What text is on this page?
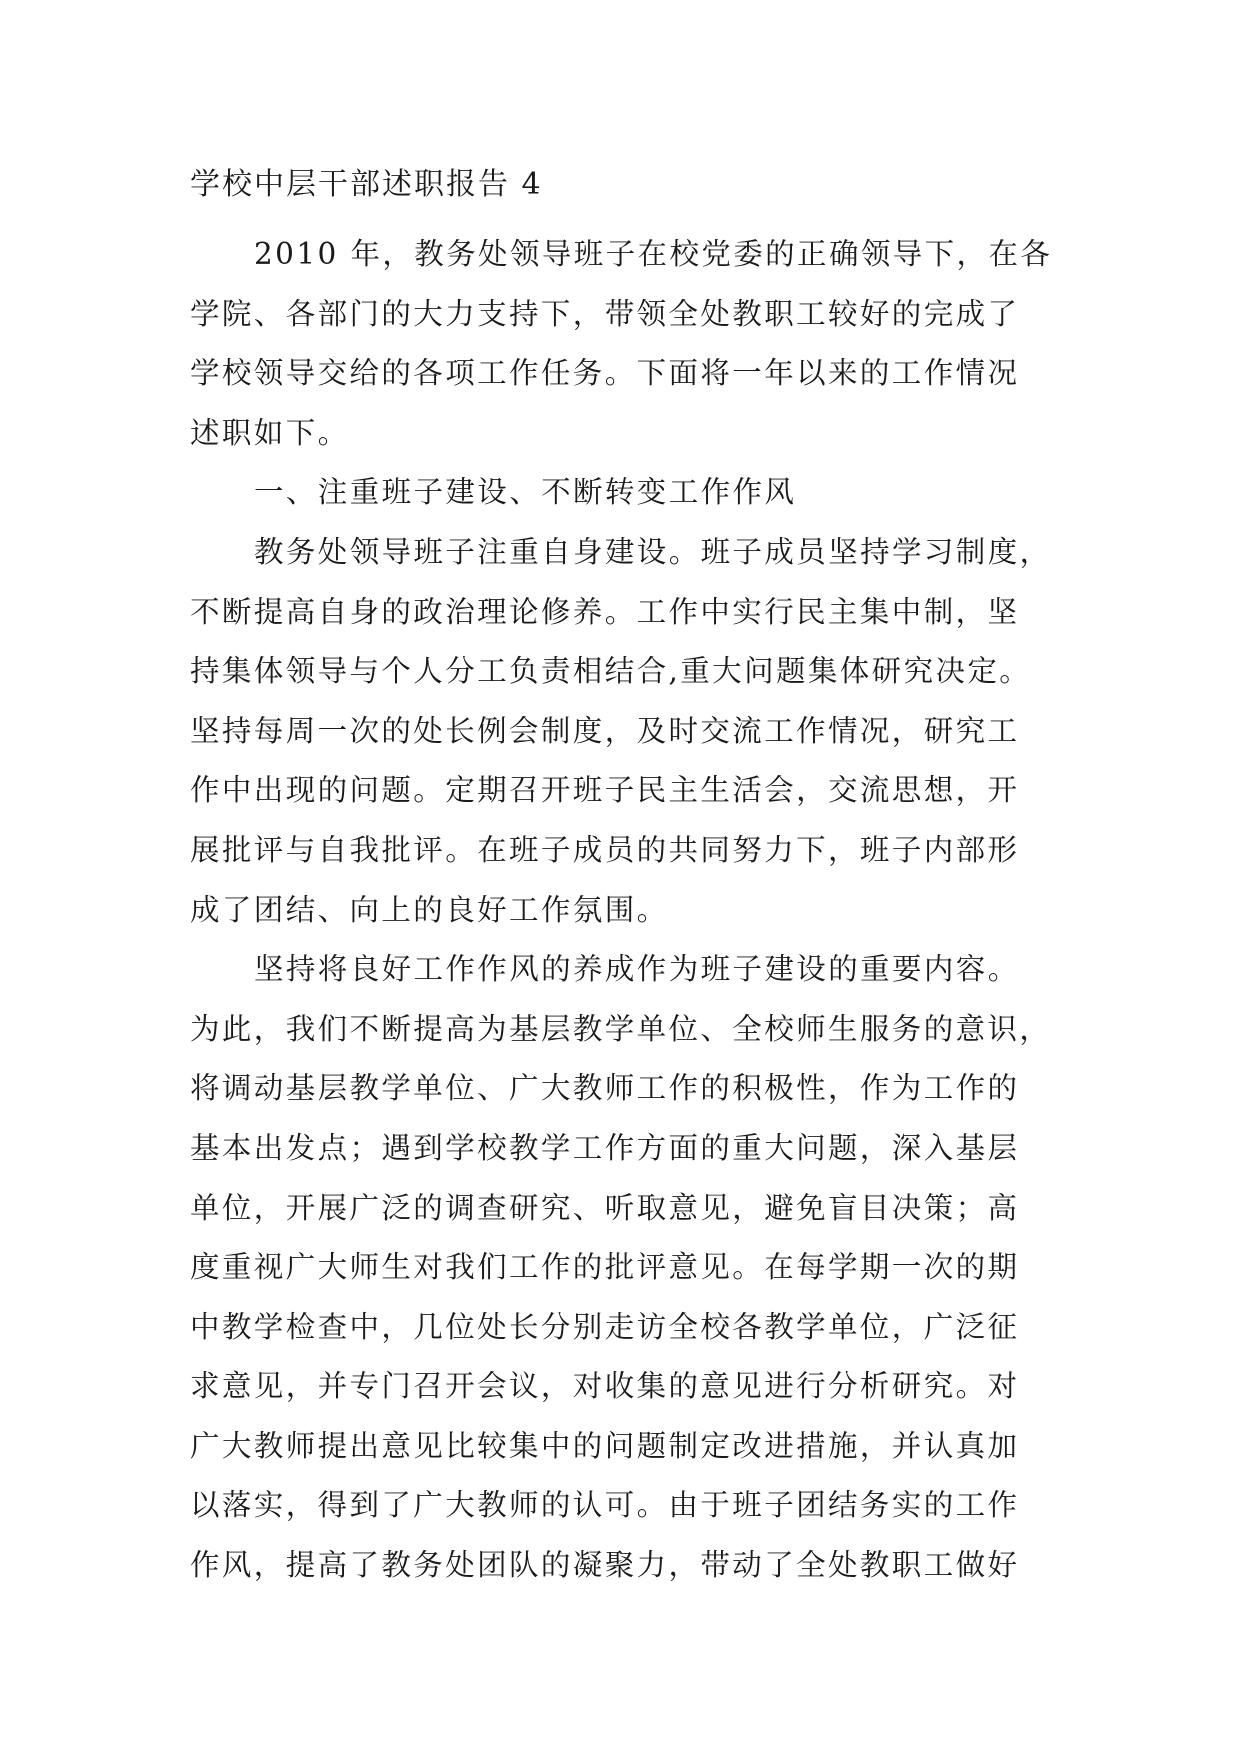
学校中层干部述职报告 4
2010 年，教务处领导班子在校党委的正确领导下，在各
学院、各部门的大力支持下，带领全处教职工较好的完成了
学校领导交给的各项工作任务。下面将一年以来的工作情况
述职如下。
一、注重班子建设、不断转变工作作风
教务处领导班子注重自身建设。班子成员坚持学习制度，
不断提高自身的政治理论修养。工作中实行民主集中制，坚
持集体领导与个人分工负责相结合,重大问题集体研究决定。
坚持每周一次的处长例会制度，及时交流工作情况，研究工
作中出现的问题。定期召开班子民主生活会，交流思想，开
展批评与自我批评。在班子成员的共同努力下，班子内部形
成了团结、向上的良好工作氛围。
坚持将良好工作作风的养成作为班子建设的重要内容。
为此，我们不断提高为基层教学单位、全校师生服务的意识，
将调动基层教学单位、广大教师工作的积极性，作为工作的
基本出发点；遇到学校教学工作方面的重大问题，深入基层
单位，开展广泛的调查研究、听取意见，避免盲目决策；高
度重视广大师生对我们工作的批评意见。在每学期一次的期
中教学检查中，几位处长分别走访全校各教学单位，广泛征
求意见，并专门召开会议，对收集的意见进行分析研究。对
广大教师提出意见比较集中的问题制定改进措施，并认真加
以落实，得到了广大教师的认可。由于班子团结务实的工作
作风，提高了教务处团队的凝聚力，带动了全处教职工做好
